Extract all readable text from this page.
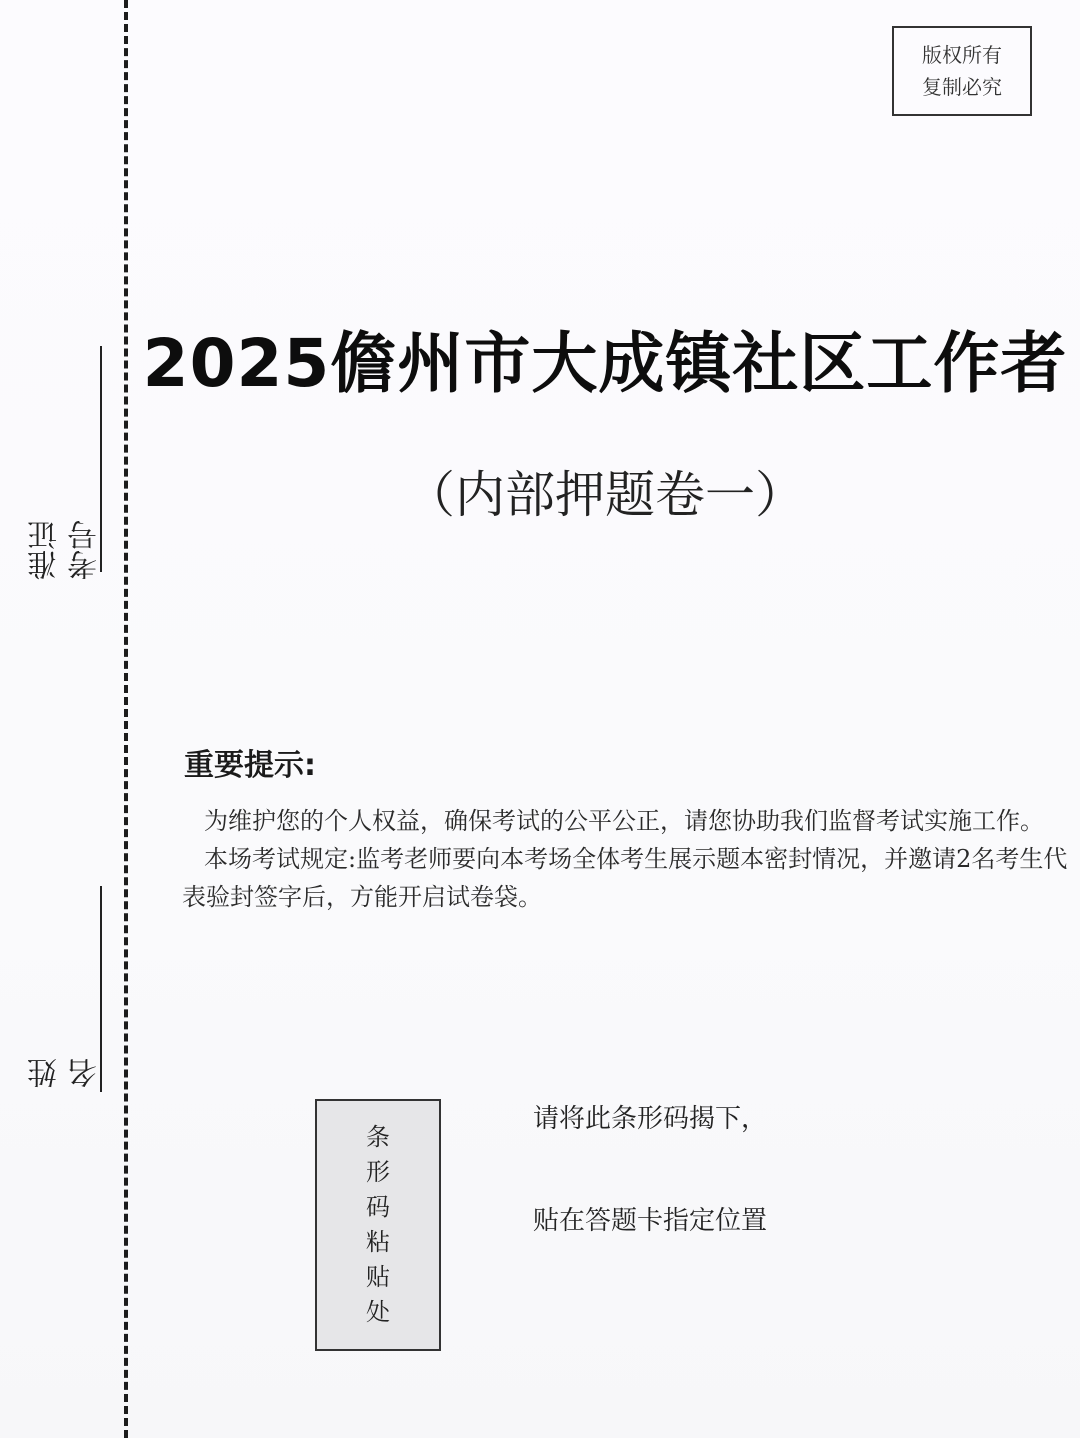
准证
考号
姓
名
版权所有
复制必究
2025儋州市大成镇社区工作者
（内部押题卷一）
重要提示:

为维护您的个人权益，确保考试的公平公正，请您协助我们监督考试实施工作。

本场考试规定:监考老师要向本考场全体考生展示题本密封情况，并邀请2名考生代表验封签字后，方能开启试卷袋。

条
形
码
粘
贴
处
请将此条形码揭下，
贴在答题卡指定位置
